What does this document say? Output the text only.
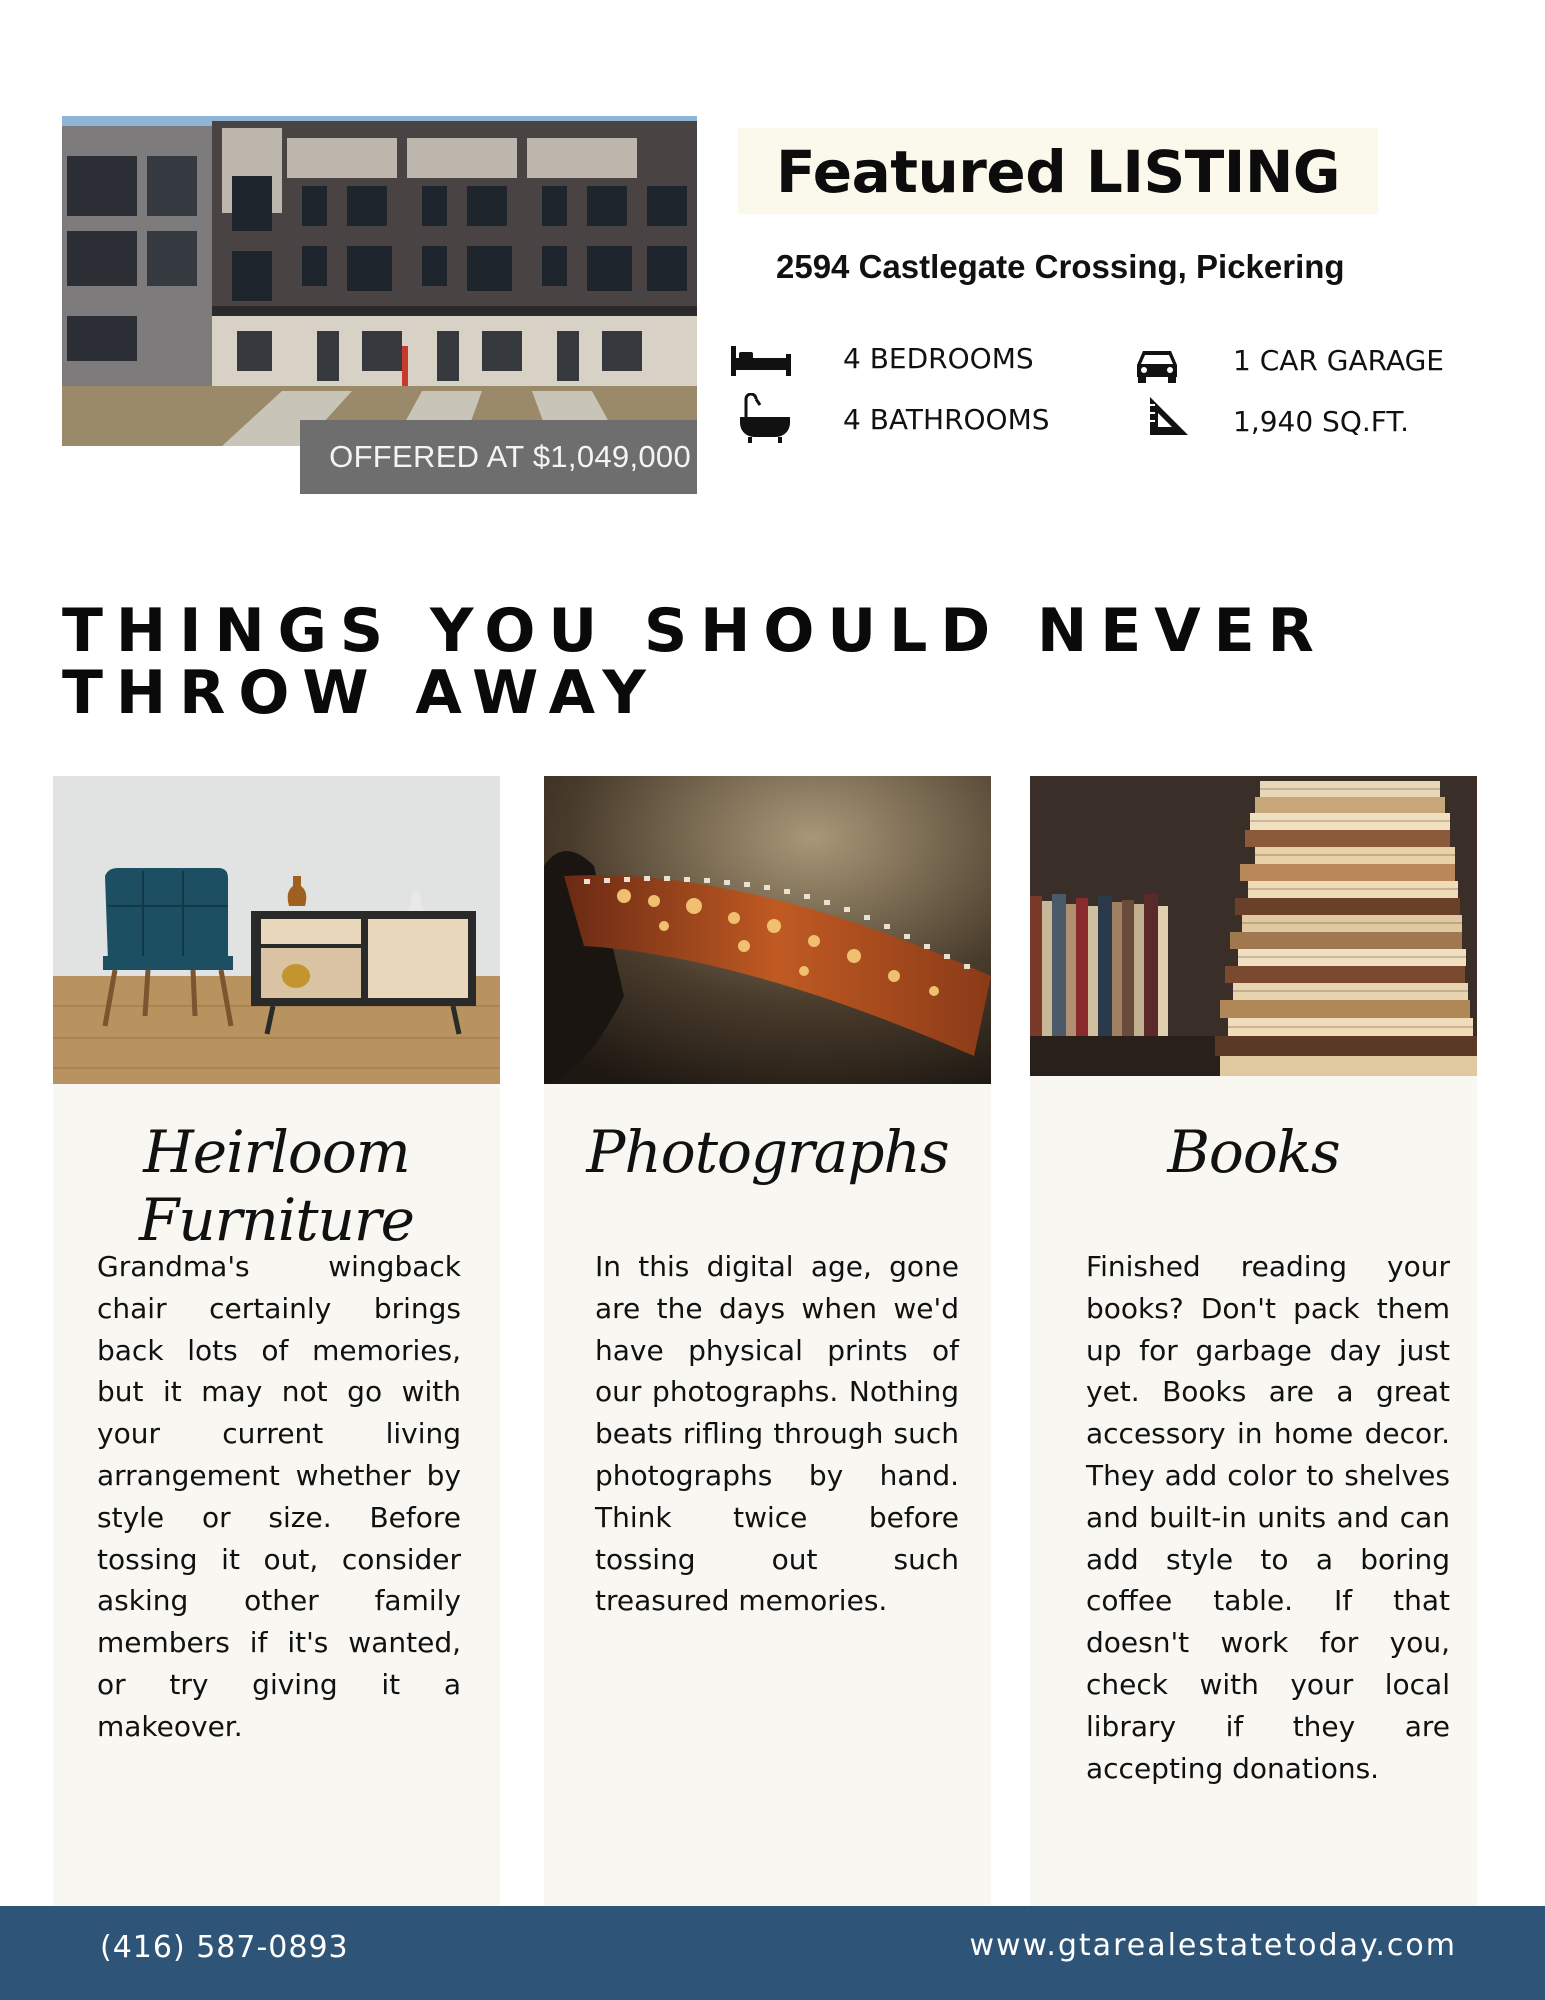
OFFERED AT $1,049,000
Featured LISTING
2594 Castlegate Crossing, Pickering
4 BEDROOMS
4 BATHROOMS
1 CAR GARAGE
1,940 SQ.FT.
THINGS YOU SHOULD NEVER
THROW AWAY
Heirloom Furniture
Grandma's wingback chair certainly brings back lots of memories, but it may not go with your current living arrangement whether by style or size. Before tossing it out, consider asking other family members if it's wanted, or try giving it a makeover.
Photographs
In this digital age, gone are the days when we'd have physical prints of our photographs. Nothing beats rifling through such photographs by hand. Think twice before tossing out such treasured memories.
Books
Finished reading your books? Don't pack them up for garbage day just yet. Books are a great accessory in home decor. They add color to shelves and built-in units and can add style to a boring coffee table. If that doesn't work for you, check with your local library if they are accepting donations.
(416) 587-0893	www.gtarealestatetoday.com
